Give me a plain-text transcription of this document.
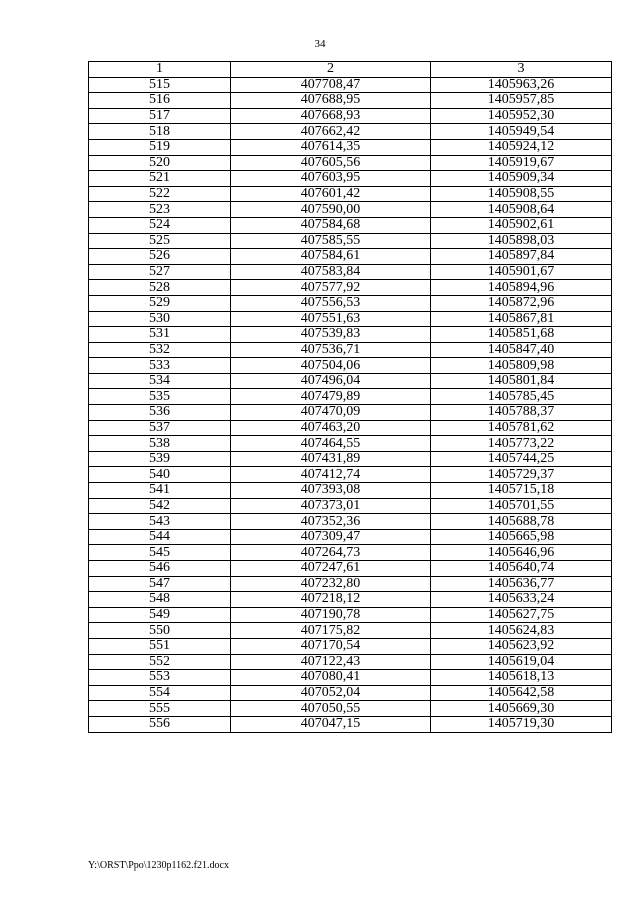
34
1	2	3
515	407708,47	1405963,26
516	407688,95	1405957,85
517	407668,93	1405952,30
518	407662,42	1405949,54
519	407614,35	1405924,12
520	407605,56	1405919,67
521	407603,95	1405909,34
522	407601,42	1405908,55
523	407590,00	1405908,64
524	407584,68	1405902,61
525	407585,55	1405898,03
526	407584,61	1405897,84
527	407583,84	1405901,67
528	407577,92	1405894,96
529	407556,53	1405872,96
530	407551,63	1405867,81
531	407539,83	1405851,68
532	407536,71	1405847,40
533	407504,06	1405809,98
534	407496,04	1405801,84
535	407479,89	1405785,45
536	407470,09	1405788,37
537	407463,20	1405781,62
538	407464,55	1405773,22
539	407431,89	1405744,25
540	407412,74	1405729,37
541	407393,08	1405715,18
542	407373,01	1405701,55
543	407352,36	1405688,78
544	407309,47	1405665,98
545	407264,73	1405646,96
546	407247,61	1405640,74
547	407232,80	1405636,77
548	407218,12	1405633,24
549	407190,78	1405627,75
550	407175,82	1405624,83
551	407170,54	1405623,92
552	407122,43	1405619,04
553	407080,41	1405618,13
554	407052,04	1405642,58
555	407050,55	1405669,30
556	407047,15	1405719,30
Y:\ORST\Ppo\1230p1162.f21.docx
